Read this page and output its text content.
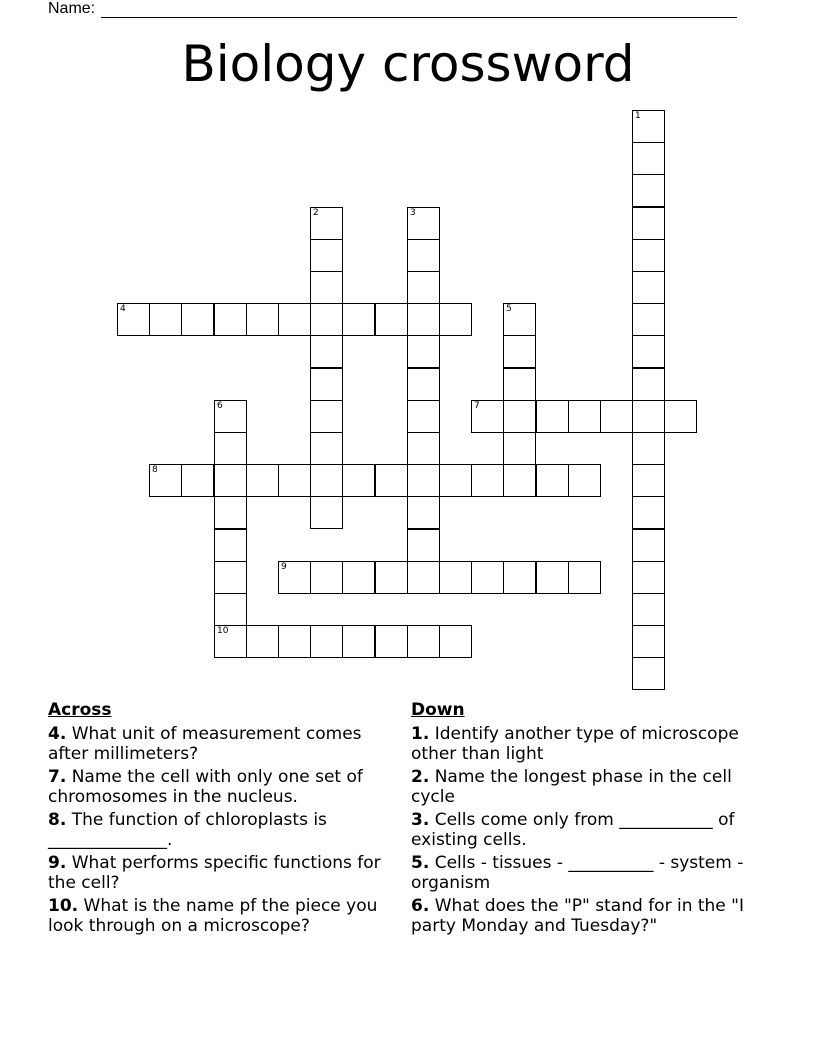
Name:
Biology crossword
1
2	3
4	5
6
10
7
8
9
Across
4. What unit of measurement comes after millimeters?
7. Name the cell with only one set of chromosomes in the nucleus.
8. The function of chloroplasts is ______________.
9. What performs specific functions for the cell?
10. What is the name pf the piece you look through on a microscope?
Down
1. Identify another type of microscope other than light
2. Name the longest phase in the cell cycle
3. Cells come only from ___________ of existing cells.
5. Cells - tissues - __________ - system - organism
6. What does the "P" stand for in the "I party Monday and Tuesday?"
